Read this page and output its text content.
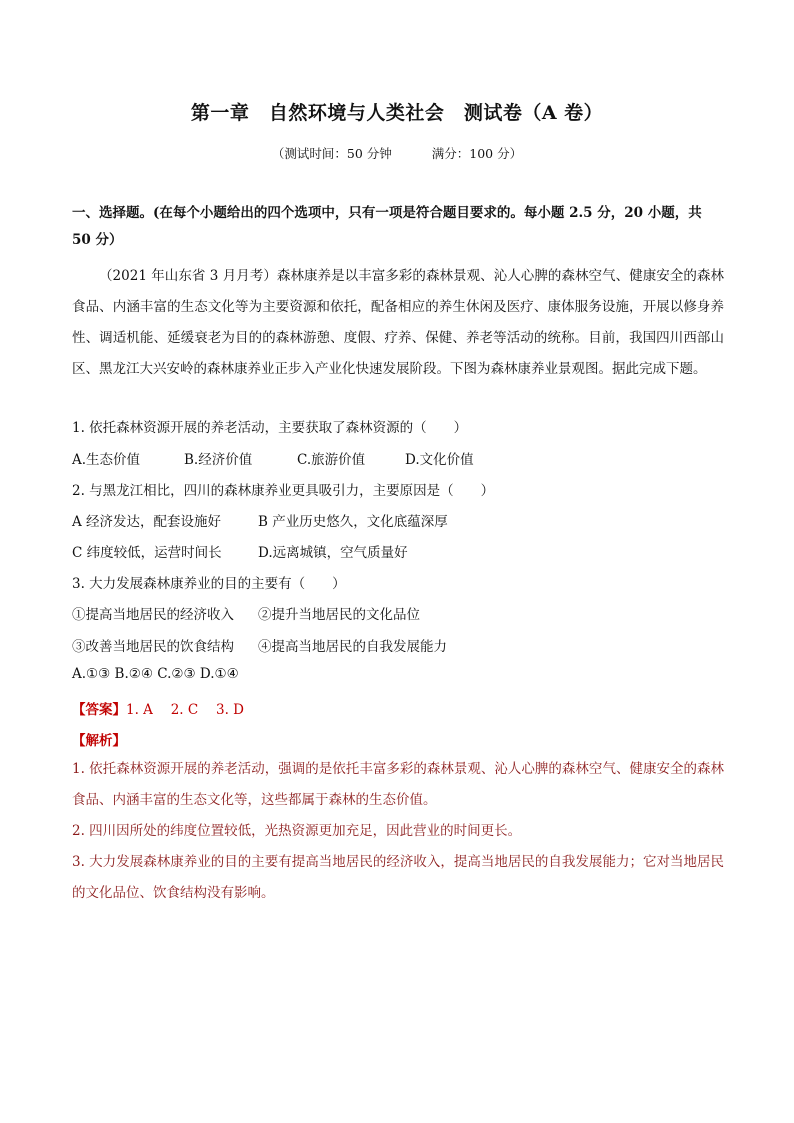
第一章　自然环境与人类社会　测试卷（A 卷）
（测试时间：50 分钟	满分：100 分）
一、选择题。(在每个小题给出的四个选项中，只有一项是符合题目要求的。每小题 2.5 分，20 小题，共 50 分）
（2021 年山东省 3 月月考）森林康养是以丰富多彩的森林景观、沁人心脾的森林空气、健康安全的森林食品、内涵丰富的生态文化等为主要资源和依托，配备相应的养生休闲及医疗、康体服务设施，开展以修身养性、调适机能、延缓衰老为目的的森林游憩、度假、疗养、保健、养老等活动的统称。目前，我国四川西部山区、黑龙江大兴安岭的森林康养业正步入产业化快速发展阶段。下图为森林康养业景观图。据此完成下题。
1. 依托森林资源开展的养老活动，主要获取了森林资源的（　　）
A.生态价值	B.经济价值	C.旅游价值	D.文化价值
2. 与黑龙江相比，四川的森林康养业更具吸引力，主要原因是（　　）
A 经济发达，配套设施好	B 产业历史悠久，文化底蕴深厚
C 纬度较低，运营时间长	D.远离城镇，空气质量好
3. 大力发展森林康养业的目的主要有（　　）
①提高当地居民的经济收入 ②提升当地居民的文化品位
③改善当地居民的饮食结构 ④提高当地居民的自我发展能力
A.①③ B.②④ C.②③ D.①④
【答案】1. A　 2. C　 3. D
【解析】
1. 依托森林资源开展的养老活动，强调的是依托丰富多彩的森林景观、沁人心脾的森林空气、健康安全的森林食品、内涵丰富的生态文化等，这些都属于森林的生态价值。
2. 四川因所处的纬度位置较低，光热资源更加充足，因此营业的时间更长。
3. 大力发展森林康养业的目的主要有提高当地居民的经济收入，提高当地居民的自我发展能力；它对当地居民的文化品位、饮食结构没有影响。
